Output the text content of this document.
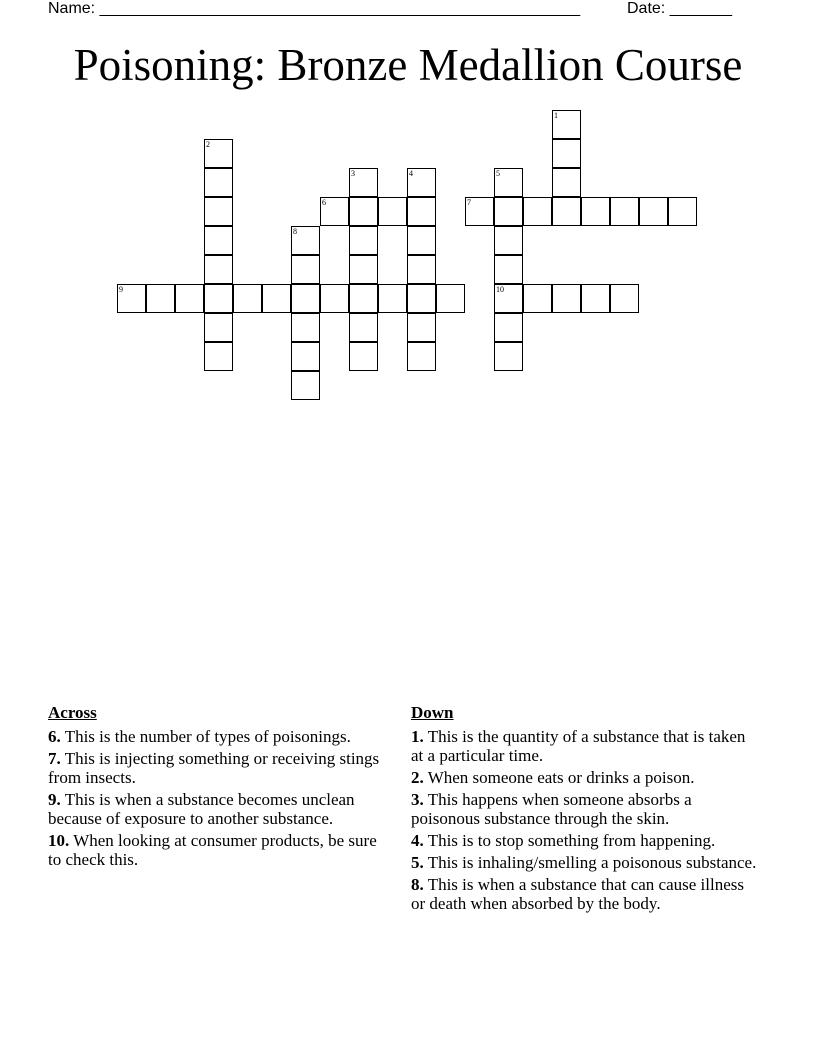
Name: ______________________________________________________	Date: _______
Poisoning: Bronze Medallion Course
1
2
3	4	5
10
6	7
8
9
Across
6. This is the number of types of poisonings.
7. This is injecting something or receiving stings from insects.
9. This is when a substance becomes unclean because of exposure to another substance.
10. When looking at consumer products, be sure to check this.
Down
1. This is the quantity of a substance that is taken at a particular time.
2. When someone eats or drinks a poison.
3. This happens when someone absorbs a poisonous substance through the skin.
4. This is to stop something from happening.
5. This is inhaling/smelling a poisonous substance.
8. This is when a substance that can cause illness or death when absorbed by the body.
